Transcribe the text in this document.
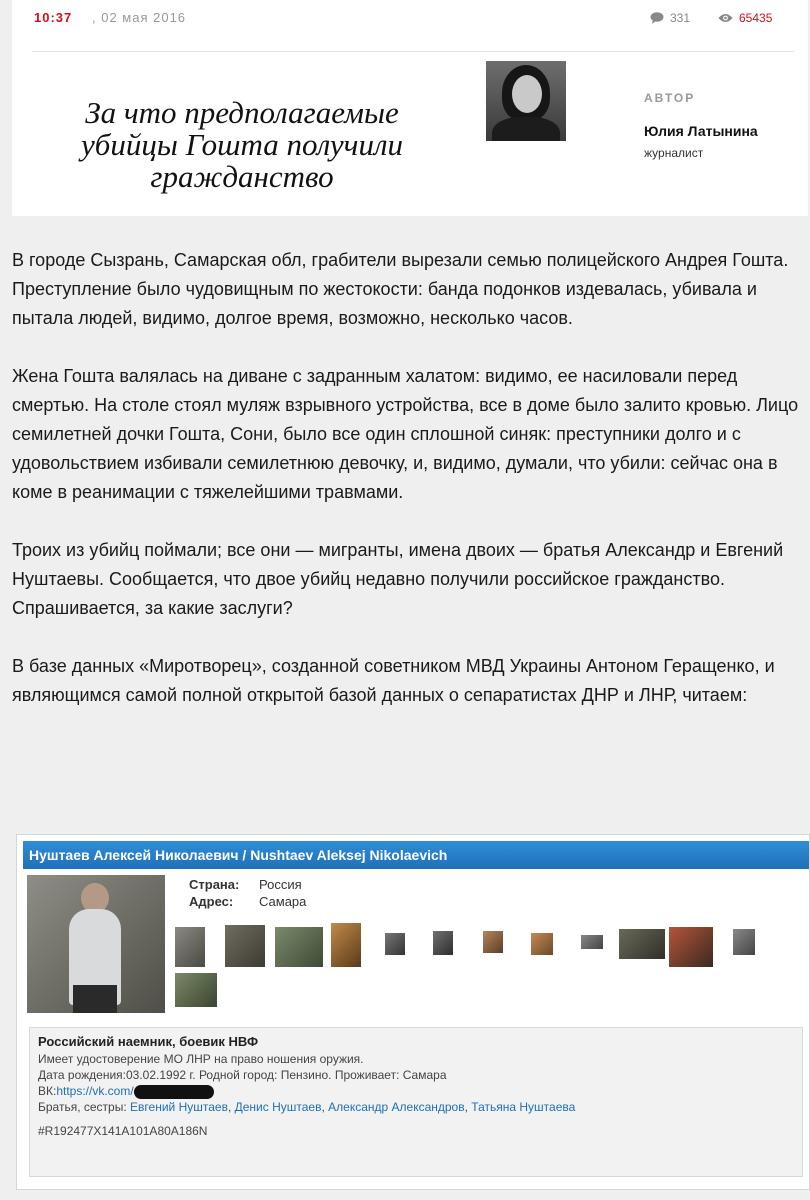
10:37 , 02 мая 2016	331	65435
За что предполагаемые убийцы Гошта получили гражданство
АВТОР
Юлия Латынина
журналист

В городе Сызрань, Самарская обл, грабители вырезали семью полицейского Андрея Гошта.
Преступление было чудовищным по жестокости: банда подонков издевалась, убивала и пытала людей, видимо, долгое время, возможно, несколько часов.

Жена Гошта валялась на диване с задранным халатом: видимо, ее насиловали перед смертью. На столе стоял муляж взрывного устройства, все в доме было залито кровью. Лицо семилетней дочки Гошта, Сони, было все один сплошной синяк: преступники долго и с удовольствием избивали семилетнюю девочку, и, видимо, думали, что убили: сейчас она в коме в реанимации с тяжелейшими травмами.

Троих из убийц поймали; все они — мигранты, имена двоих — братья Александр и Евгений Нуштаевы. Сообщается, что двое убийц недавно получили российское гражданство.
Спрашивается, за какие заслуги?

В базе данных «Миротворец», созданной советником МВД Украины Антоном Геращенко, и являющимся самой полной открытой базой данных о сепаратистах ДНР и ЛНР, читаем:

Нуштаев Алексей Николаевич / Nushtaev Aleksej Nikolaevich
Страна: Россия
Адрес: Самара
Российский наемник, боевик НВФ
Имеет удостоверение МО ЛНР на право ношения оружия.
Дата рождения:03.02.1992 г. Родной город: Пензино. Проживает: Самара
ВК:https://vk.com/
Братья, сестры: Евгений Нуштаев, Денис Нуштаев, Александр Александров, Татьяна Нуштаева
#R192477X141A101A80A186N
